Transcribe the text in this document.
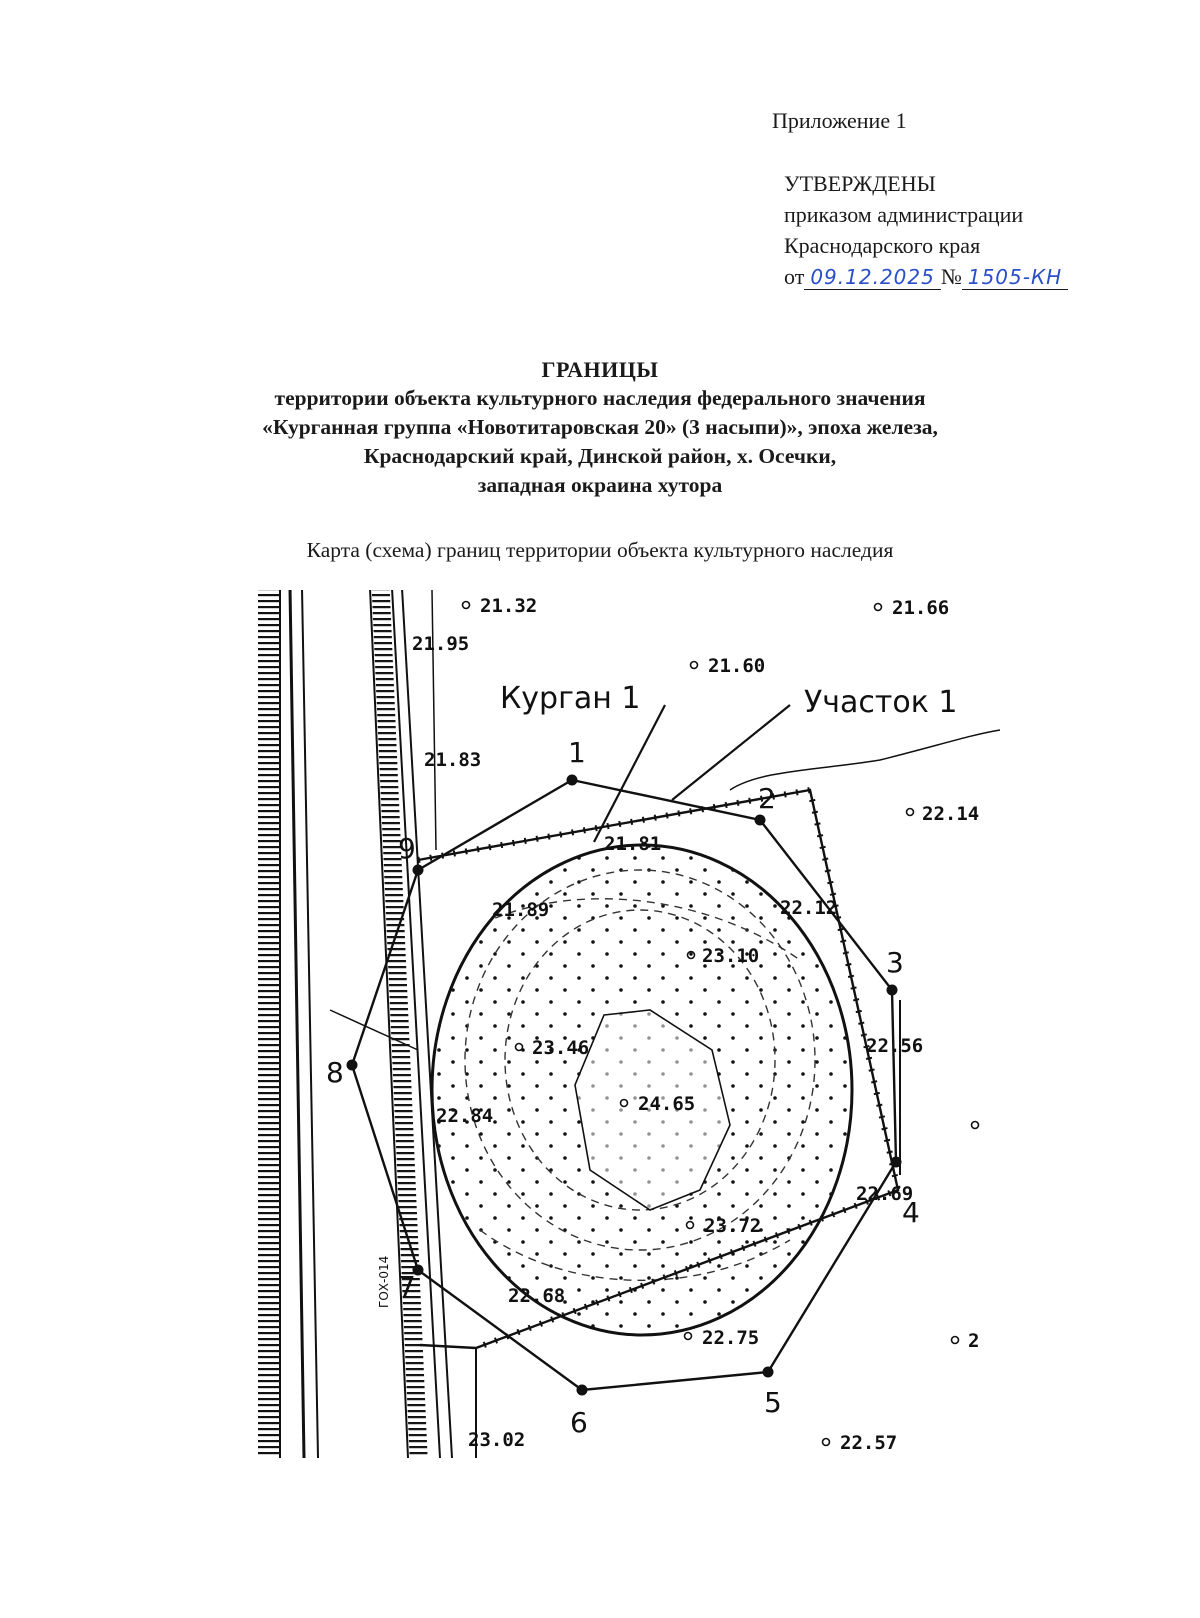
Приложение 1
УТВЕРЖДЕНЫ
приказом администрации
Краснодарского края
от 09.12.2025 № 1505-КН
ГРАНИЦЫ
территории объекта культурного наследия федерального значения
«Курганная группа «Новотитаровская 20» (3 насыпи)», эпоха железа,
Краснодарский край, Динской район, х. Осечки,
западная окраина хутора
Карта (схема) границ территории объекта культурного наследия
1
2
3
4
5
6
7
8
9
Курган 1	Участок 1
ГОХ-014
21.32	21.66
21.95
21.60
21.83
22.14
21.81
21.89	22.12
23.10
22.56
23.46
24.65
22.84
22.69
23.72
22.68
22.75
23.02	22.57
2
